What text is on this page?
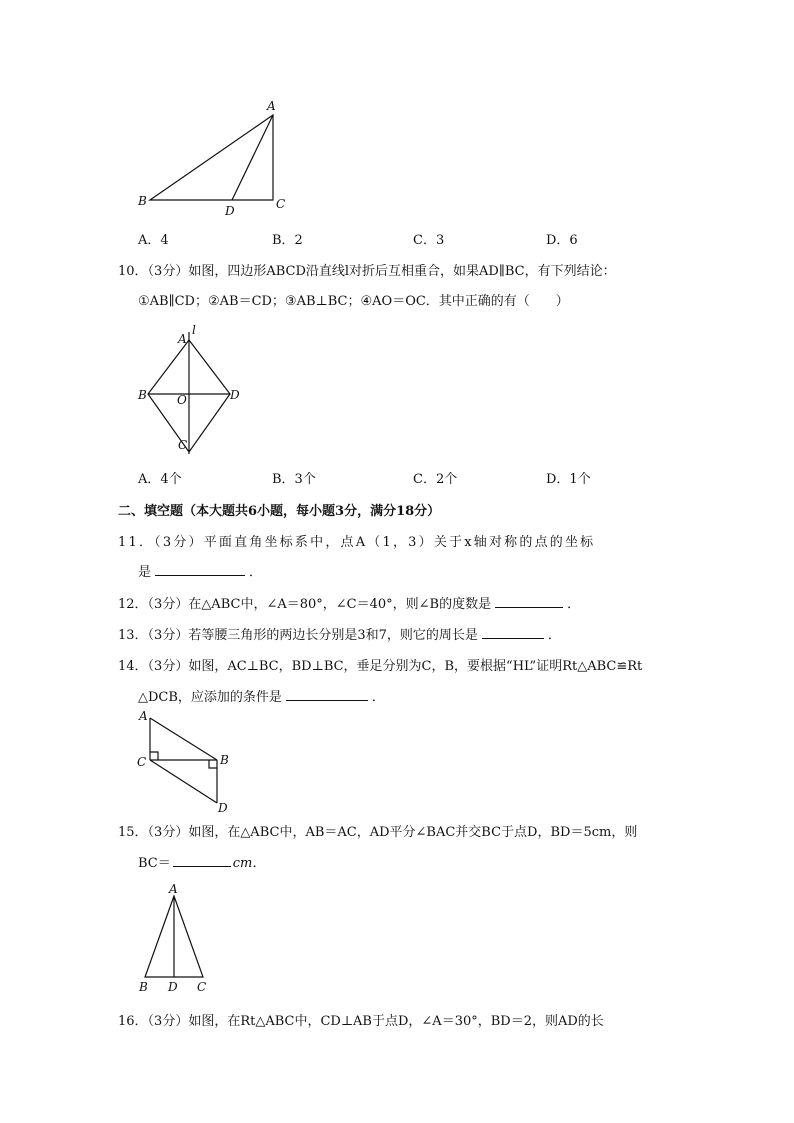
A
B	C
D
A．4	B．2	C．3	D．6
10．（3分）如图，四边形ABCD沿直线l对折后互相重合，如果AD∥BC，有下列结论：
①AB∥CD；②AB＝CD；③AB⊥BC；④AO＝OC．其中正确的有（　　）
A
l
B	O	D
C
A．4个	B．3个	C．2个	D．1个
二、填空题（本大题共6小题，每小题3分，满分18分）
11．（3分）平面直角坐标系中，点A（1，3）关于x轴对称的点的坐标
是	．
12．（3分）在△ABC中，∠A＝80°，∠C＝40°，则∠B的度数是	．
13．（3分）若等腰三角形的两边长分别是3和7，则它的周长是	．
14．（3分）如图，AC⊥BC，BD⊥BC，垂足分别为C，B，要根据“HL”证明Rt△ABC≌Rt
△DCB，应添加的条件是	．
A
C	B
D
15．（3分）如图，在△ABC中，AB＝AC，AD平分∠BAC并交BC于点D，BD＝5cm，则
BC＝	cm．
A
B D C
16．（3分）如图，在Rt△ABC中，CD⊥AB于点D，∠A＝30°，BD＝2，则AD的长
